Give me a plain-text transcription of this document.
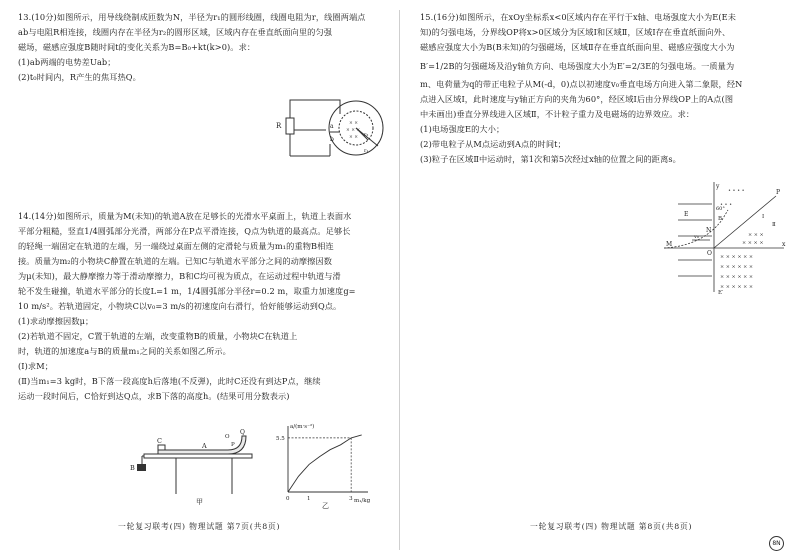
13.(10分)如图所示，用导线绕制成匝数为N，半径为r₁的圆形线圈，线圈电阻为r，线圈两端点

ab与电阻R相连接，线圈内存在半径为r₂的圆形区域，区域内存在垂直纸面向里的匀强

磁场，磁感应强度B随时间t的变化关系为B=B₀+kt(k>0)。求：

(1)ab两端的电势差Uab；

(2)t₀时间内，R产生的焦耳热Q。

× ×
× × ×
× ×
R	a
b
r₂
r₁

14.(14分)如图所示，质量为M(未知)的轨道A放在足够长的光滑水平桌面上，轨道上表面水

平部分粗糙，竖直1/4圆弧部分光滑，两部分在P点平滑连接，Q点为轨道的最高点。足够长

的轻绳一端固定在轨道的左端，另一端绕过桌面左侧的定滑轮与质量为m₁的重物B相连

接。质量为m₂的小物块C静置在轨道的左端。已知C与轨道水平部分之间的动摩擦因数

为μ(未知)，最大静摩擦力等于滑动摩擦力，B和C均可视为质点，在运动过程中轨道与滑

轮不发生碰撞，轨道水平部分的长度L=1 m，1/4圆弧部分半径r=0.2 m，取重力加速度g=

10 m/s²。若轨道固定，小物块C以v₀=3 m/s的初速度向右滑行，恰好能够运动到Q点。

(1)求动摩擦因数μ；

(2)若轨道不固定，C置于轨道的左端，改变重物B的质量，小物块C在轨道上

时，轨道的加速度a与B的质量m₁之间的关系如图乙所示。

(Ⅰ)求M；

(Ⅱ)当m₁=3 kg时，B下落一段高度h后落地(不反弹)，此时C还没有到达P点，继续

运动一段时间后，C恰好到达Q点，求B下落的高度h。(结果可用分数表示)

B
C
A
O
P
Q
甲
a/(m·s⁻²)
m₁/kg
乙
0	1	3
5.5
一轮复习联考(四) 物理试题 第7页(共8页)

15.(16分)如图所示，在xOy坐标系x<0区域内存在平行于x轴、电场强度大小为E(E未

知)的匀强电场，分界线OP将x>0区域分为区域Ⅰ和区域Ⅱ，区域Ⅰ存在垂直纸面向外、

磁感应强度大小为B(B未知)的匀强磁场，区域Ⅱ存在垂直纸面向里、磁感应强度大小为

B′=1/2B的匀强磁场及沿y轴负方向、电场强度大小为E′=2/3E的匀强电场。一质量为

m、电荷量为q的带正电粒子从M(-d，0)点以初速度v₀垂直电场方向进入第二象限，经N

点进入区域Ⅰ，此时速度与y轴正方向的夹角为60°，经区域Ⅰ后由分界线OP上的A点(图

中未画出)垂直分界线进入区域Ⅱ，不计粒子重力及电磁场的边界效应。求：

(1)电场强度E的大小；

(2)带电粒子从M点运动到A点的时间t；

(3)粒子在区域Ⅱ中运动时，第1次和第5次经过x轴的位置之间的距离s。

• • • •
• • •
× × × × × ×
× × × × × ×
× × × × × ×
× × × × × ×
× × ×
× × × ×
y
x
E
N
v₀
M
O
60°
B
P
Ⅰ
Ⅱ
E′
一轮复习联考(四) 物理试题 第8页(共8页)
8N
